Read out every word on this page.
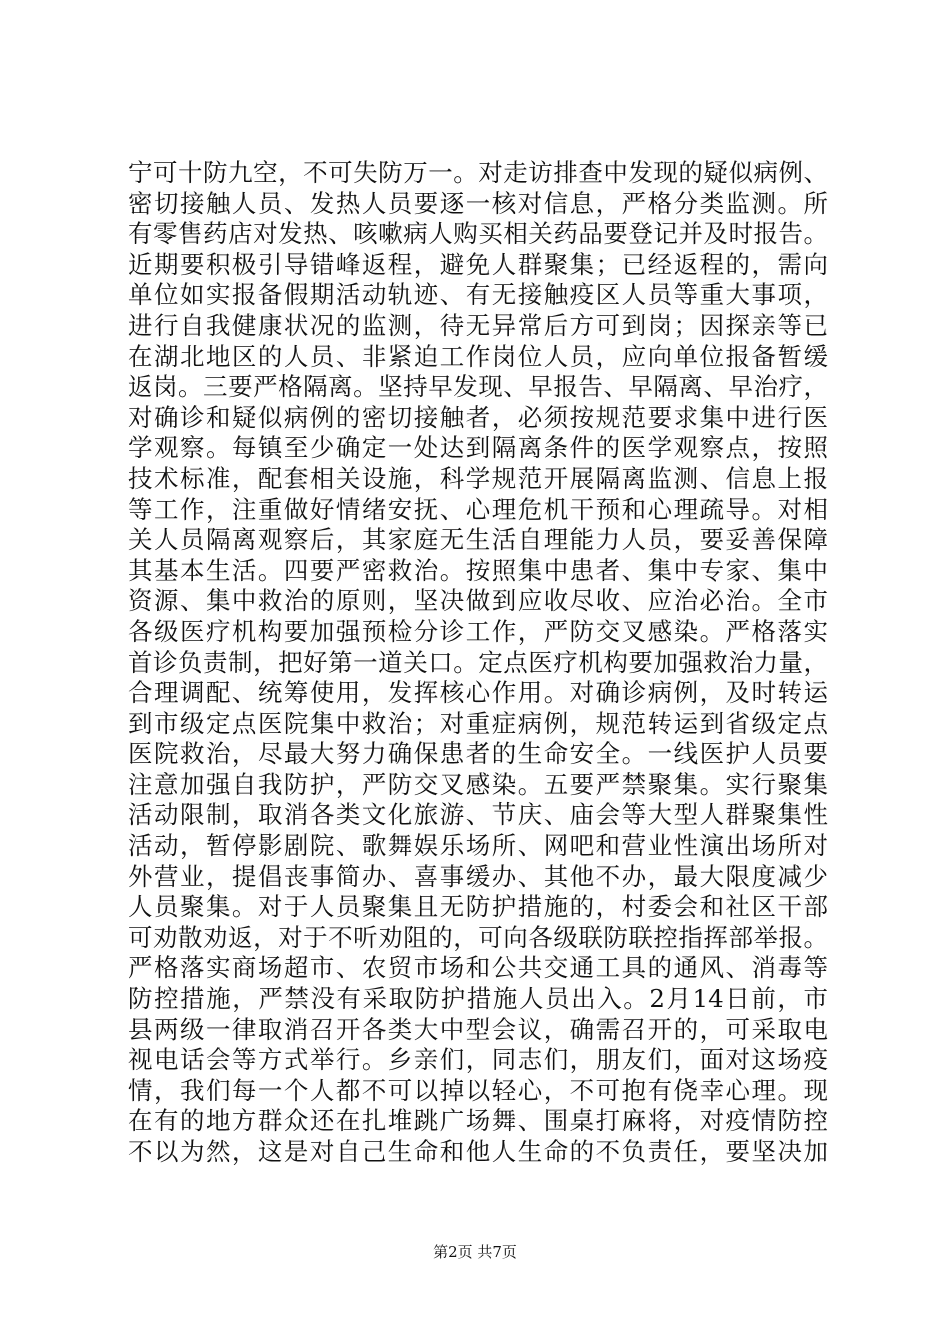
宁可十防九空，不可失防万一。对走访排查中发现的疑似病例、
密切接触人员、发热人员要逐一核对信息，严格分类监测。所
有零售药店对发热、咳嗽病人购买相关药品要登记并及时报告。
近期要积极引导错峰返程，避免人群聚集；已经返程的，需向
单位如实报备假期活动轨迹、有无接触疫区人员等重大事项，
进行自我健康状况的监测，待无异常后方可到岗；因探亲等已
在湖北地区的人员、非紧迫工作岗位人员，应向单位报备暂缓
返岗。三要严格隔离。坚持早发现、早报告、早隔离、早治疗，
对确诊和疑似病例的密切接触者，必须按规范要求集中进行医
学观察。每镇至少确定一处达到隔离条件的医学观察点，按照
技术标准，配套相关设施，科学规范开展隔离监测、信息上报
等工作，注重做好情绪安抚、心理危机干预和心理疏导。对相
关人员隔离观察后，其家庭无生活自理能力人员，要妥善保障
其基本生活。四要严密救治。按照集中患者、集中专家、集中
资源、集中救治的原则，坚决做到应收尽收、应治必治。全市
各级医疗机构要加强预检分诊工作，严防交叉感染。严格落实
首诊负责制，把好第一道关口。定点医疗机构要加强救治力量，
合理调配、统筹使用，发挥核心作用。对确诊病例，及时转运
到市级定点医院集中救治；对重症病例，规范转运到省级定点
医院救治，尽最大努力确保患者的生命安全。一线医护人员要
注意加强自我防护，严防交叉感染。五要严禁聚集。实行聚集
活动限制，取消各类文化旅游、节庆、庙会等大型人群聚集性
活动，暂停影剧院、歌舞娱乐场所、网吧和营业性演出场所对
外营业，提倡丧事简办、喜事缓办、其他不办，最大限度减少
人员聚集。对于人员聚集且无防护措施的，村委会和社区干部
可劝散劝返，对于不听劝阻的，可向各级联防联控指挥部举报。
严格落实商场超市、农贸市场和公共交通工具的通风、消毒等
防控措施，严禁没有采取防护措施人员出入。2月14日前，市
县两级一律取消召开各类大中型会议，确需召开的，可采取电
视电话会等方式举行。乡亲们，同志们，朋友们，面对这场疫
情，我们每一个人都不可以掉以轻心，不可抱有侥幸心理。现
在有的地方群众还在扎堆跳广场舞、围桌打麻将，对疫情防控
不以为然，这是对自己生命和他人生命的不负责任，要坚决加
第2页 共7页
